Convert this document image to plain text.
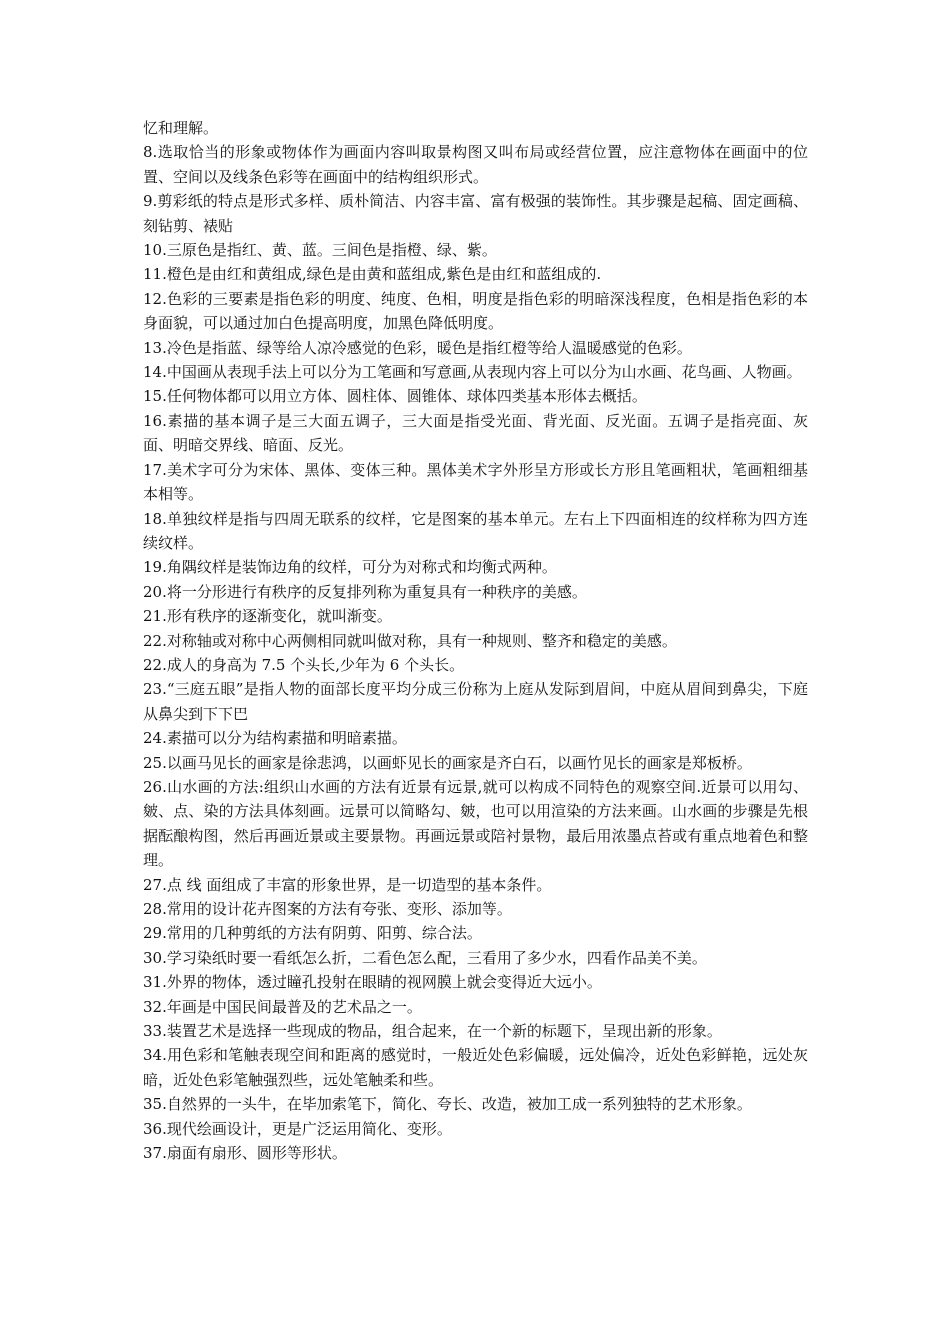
忆和理解。

8.选取恰当的形象或物体作为画面内容叫取景构图又叫布局或经营位置，应注意物体在画面中的位置、空间以及线条色彩等在画面中的结构组织形式。

9.剪彩纸的特点是形式多样、质朴简洁、内容丰富、富有极强的装饰性。其步骤是起稿、固定画稿、刻钻剪、裱贴

10.三原色是指红、黄、蓝。三间色是指橙、绿、紫。

11.橙色是由红和黄组成,绿色是由黄和蓝组成,紫色是由红和蓝组成的.

12.色彩的三要素是指色彩的明度、纯度、色相，明度是指色彩的明暗深浅程度，色相是指色彩的本身面貌，可以通过加白色提高明度，加黑色降低明度。

13.冷色是指蓝、绿等给人凉冷感觉的色彩，暖色是指红橙等给人温暖感觉的色彩。

14.中国画从表现手法上可以分为工笔画和写意画,从表现内容上可以分为山水画、花鸟画、人物画。

15.任何物体都可以用立方体、圆柱体、圆锥体、球体四类基本形体去概括。

16.素描的基本调子是三大面五调子，三大面是指受光面、背光面、反光面。五调子是指亮面、灰面、明暗交界线、暗面、反光。

17.美术字可分为宋体、黑体、变体三种。黑体美术字外形呈方形或长方形且笔画粗状，笔画粗细基本相等。

18.单独纹样是指与四周无联系的纹样，它是图案的基本单元。左右上下四面相连的纹样称为四方连续纹样。

19.角隅纹样是装饰边角的纹样，可分为对称式和均衡式两种。

20.将一分形进行有秩序的反复排列称为重复具有一种秩序的美感。

21.形有秩序的逐渐变化，就叫渐变。

22.对称轴或对称中心两侧相同就叫做对称，具有一种规则、整齐和稳定的美感。

22.成人的身高为 7.5 个头长,少年为 6 个头长。

23.“三庭五眼”是指人物的面部长度平均分成三份称为上庭从发际到眉间，中庭从眉间到鼻尖，下庭从鼻尖到下下巴

24.素描可以分为结构素描和明暗素描。

25.以画马见长的画家是徐悲鸿，以画虾见长的画家是齐白石，以画竹见长的画家是郑板桥。

26.山水画的方法:组织山水画的方法有近景有远景,就可以构成不同特色的观察空间.近景可以用勾、皴、点、染的方法具体刻画。远景可以简略勾、皴，也可以用渲染的方法来画。山水画的步骤是先根据酝酿构图，然后再画近景或主要景物。再画远景或陪衬景物，最后用浓墨点苔或有重点地着色和整理。

27.点 线 面组成了丰富的形象世界，是一切造型的基本条件。

28.常用的设计花卉图案的方法有夸张、变形、添加等。

29.常用的几种剪纸的方法有阴剪、阳剪、综合法。

30.学习染纸时要一看纸怎么折，二看色怎么配，三看用了多少水，四看作品美不美。

31.外界的物体，透过瞳孔投射在眼睛的视网膜上就会变得近大远小。

32.年画是中国民间最普及的艺术品之一。

33.装置艺术是选择一些现成的物品，组合起来，在一个新的标题下，呈现出新的形象。

34.用色彩和笔触表现空间和距离的感觉时，一般近处色彩偏暖，远处偏冷，近处色彩鲜艳，远处灰暗，近处色彩笔触强烈些，远处笔触柔和些。

35.自然界的一头牛，在毕加索笔下，简化、夸长、改造，被加工成一系列独特的艺术形象。

36.现代绘画设计，更是广泛运用简化、变形。

37.扇面有扇形、圆形等形状。
